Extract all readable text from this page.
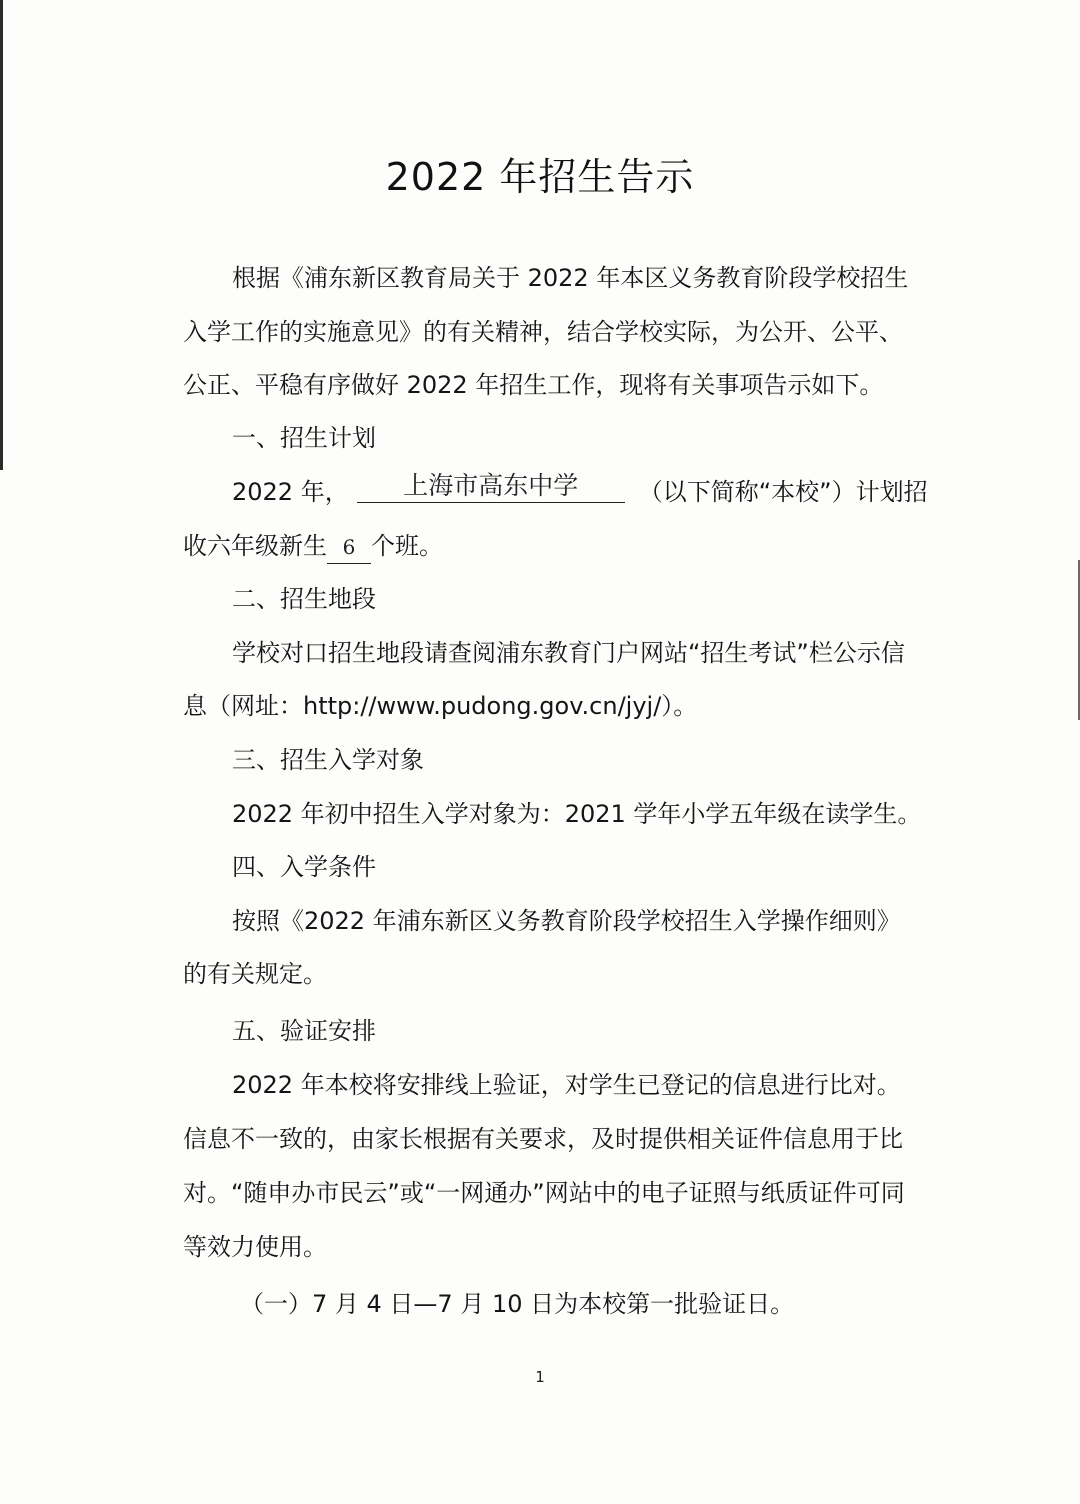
2022 年招生告示
根据《浦东新区教育局关于 2022 年本区义务教育阶段学校招生
入学工作的实施意见》的有关精神，结合学校实际，为公开、公平、
公正、平稳有序做好 2022 年招生工作，现将有关事项告示如下。
一、招生计划
2022 年， 上海市高东中学	（以下简称“本校”）计划招
收六年级新生 6 个班。
二、招生地段
学校对口招生地段请查阅浦东教育门户网站“招生考试”栏公示信
息（网址：http://www.pudong.gov.cn/jyj/）。
三、招生入学对象
2022 年初中招生入学对象为：2021 学年小学五年级在读学生。
四、入学条件
按照《2022 年浦东新区义务教育阶段学校招生入学操作细则》
的有关规定。
五、验证安排
2022 年本校将安排线上验证，对学生已登记的信息进行比对。
信息不一致的，由家长根据有关要求，及时提供相关证件信息用于比
对。“随申办市民云”或“一网通办”网站中的电子证照与纸质证件可同
等效力使用。
（一）7 月 4 日—7 月 10 日为本校第一批验证日。
1
